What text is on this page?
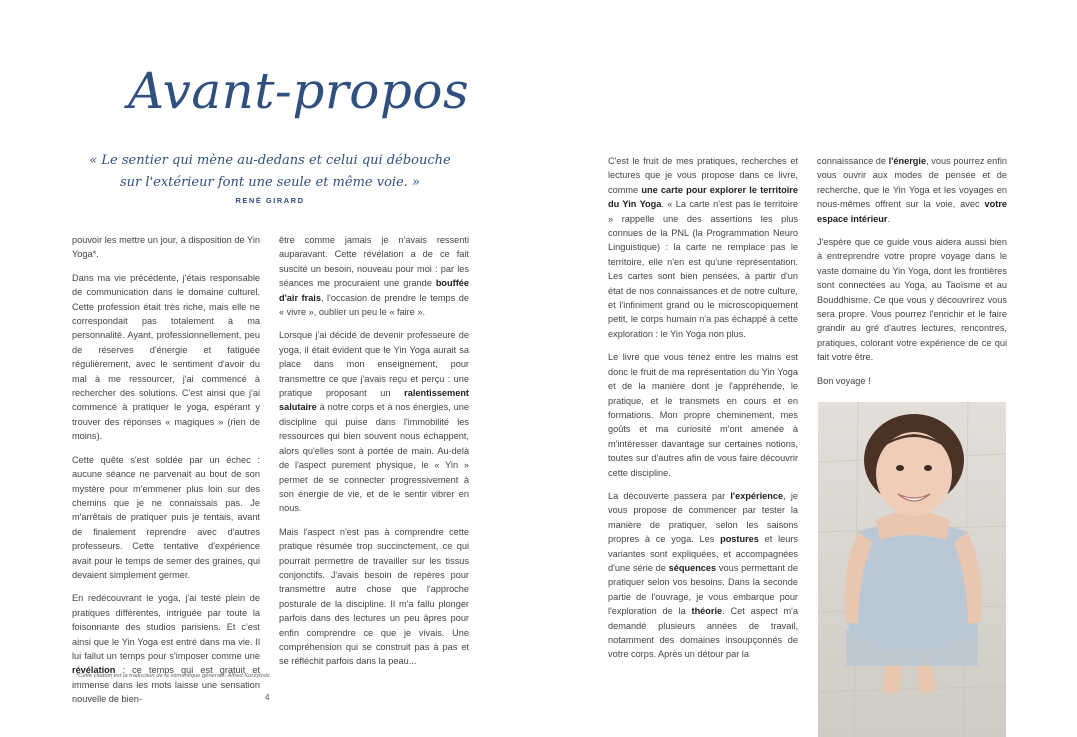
Avant-propos
« Le sentier qui mène au-dedans et celui qui débouche
sur l'extérieur font une seule et même voie. »
RENÉ GIRARD

pouvoir les mettre un jour, à disposition de Yin Yoga*.

Dans ma vie précédente, j'étais responsable de communication dans le domaine culturel. Cette profession était très riche, mais elle ne correspondait pas totalement à ma personnalité. Ayant, professionnellement, peu de réserves d'énergie et fatiguée régulièrement, avec le sentiment d'avoir du mal à me ressourcer, j'ai commencé à rechercher des solutions. C'est ainsi que j'ai commencé à pratiquer le yoga, espérant y trouver des réponses « magiques » (rien de moins).

Cette quête s'est soldée par un échec : aucune séance ne parvenait au bout de son mystère pour m'emmener plus loin sur des chemins que je ne connaissais pas. Je m'arrêtais de pratiquer puis je tentais, avant de finalement reprendre avec d'autres professeurs. Cette tentative d'expérience avait pour le temps de semer des graines, qui devaient simplement germer.

En redécouvrant le yoga, j'ai testé plein de pratiques différentes, intriguée par toute la foisonnante des studios parisiens. Et c'est ainsi que le Yin Yoga est entré dans ma vie. Il lui fallut un temps pour s'imposer comme une révélation : ce temps qui est gratuit et immense dans les mots laisse une sensation nouvelle de bien-

être comme jamais je n'avais ressenti auparavant. Cette révélation a de ce fait suscité un besoin, nouveau pour moi : par les séances me procuraient une grande bouffée d'air frais, l'occasion de prendre le temps de « vivre », oublier un peu le « faire ».

Lorsque j'ai décidé de devenir professeure de yoga, il était évident que le Yin Yoga aurait sa place dans mon enseignement, pour transmettre ce que j'avais reçu et perçu : une pratique proposant un ralentissement salutaire à notre corps et à nos énergies, une discipline qui puise dans l'immobilité les ressources qui bien souvent nous échappent, alors qu'elles sont à portée de main. Au-delà de l'aspect purement physique, le « Yin » permet de se connecter progressivement à son énergie de vie, et de le sentir vibrer en nous.

Mais l'aspect n'est pas à comprendre cette pratique résumée trop succinctement, ce qui pourrait permettre de travailler sur les tissus conjonctifs. J'avais besoin de repères pour transmettre autre chose que l'approche posturale de la discipline. Il m'a fallu plonger parfois dans des lectures un peu âpres pour enfin comprendre ce que je vivais. Une compréhension qui se construit pas à pas et se réfléchit parfois dans la peau...

*Cette citation est la traduction de la sémantique générale, Alfred Korzybski.
4

C'est le fruit de mes pratiques, recherches et lectures que je vous propose dans ce livre, comme une carte pour explorer le territoire du Yin Yoga. « La carte n'est pas le territoire » rappelle une des assertions les plus connues de la PNL (la Programmation Neuro Linguistique) : la carte ne remplace pas le territoire, elle n'en est qu'une représentation. Les cartes sont bien pensées, à partir d'un état de nos connaissances et de notre culture, et l'infiniment grand ou le microscopiquement petit, le corps humain n'a pas échappé à cette exploration : le Yin Yoga non plus.

Le livre que vous tenez entre les mains est donc le fruit de ma représentation du Yin Yoga et de la manière dont je l'appréhende, le pratique, et le transmets en cours et en formations. Mon propre cheminement, mes goûts et ma curiosité m'ont amenée à m'intéresser davantage sur certaines notions, toutes sur d'autres afin de vous faire découvrir cette discipline.

La découverte passera par l'expérience, je vous propose de commencer par tester la manière de pratiquer, selon les saisons propres à ce yoga. Les postures et leurs variantes sont expliquées, et accompagnées d'une série de séquences vous permettant de pratiquer selon vos besoins. Dans la seconde partie de l'ouvrage, je vous embarque pour l'exploration de la théorie. Cet aspect m'a demandé plusieurs années de travail, notamment des domaines insoupçonnés de votre corps. Après un détour par la

connaissance de l'énergie, vous pourrez enfin vous ouvrir aux modes de pensée et de recherche, que le Yin Yoga et les voyages en nous-mêmes offrent sur la voie, avec votre espace intérieur.

J'espère que ce guide vous aidera aussi bien à entreprendre votre propre voyage dans le vaste domaine du Yin Yoga, dont les frontières sont connectées au Yoga, au Taoïsme et au Bouddhisme. Ce que vous y découvrirez vous sera propre. Vous pourrez l'enrichir et le faire grandir au gré d'autres lectures, rencontres, pratiques, colorant votre expérience de ce qui fait votre être.

Bon voyage !
